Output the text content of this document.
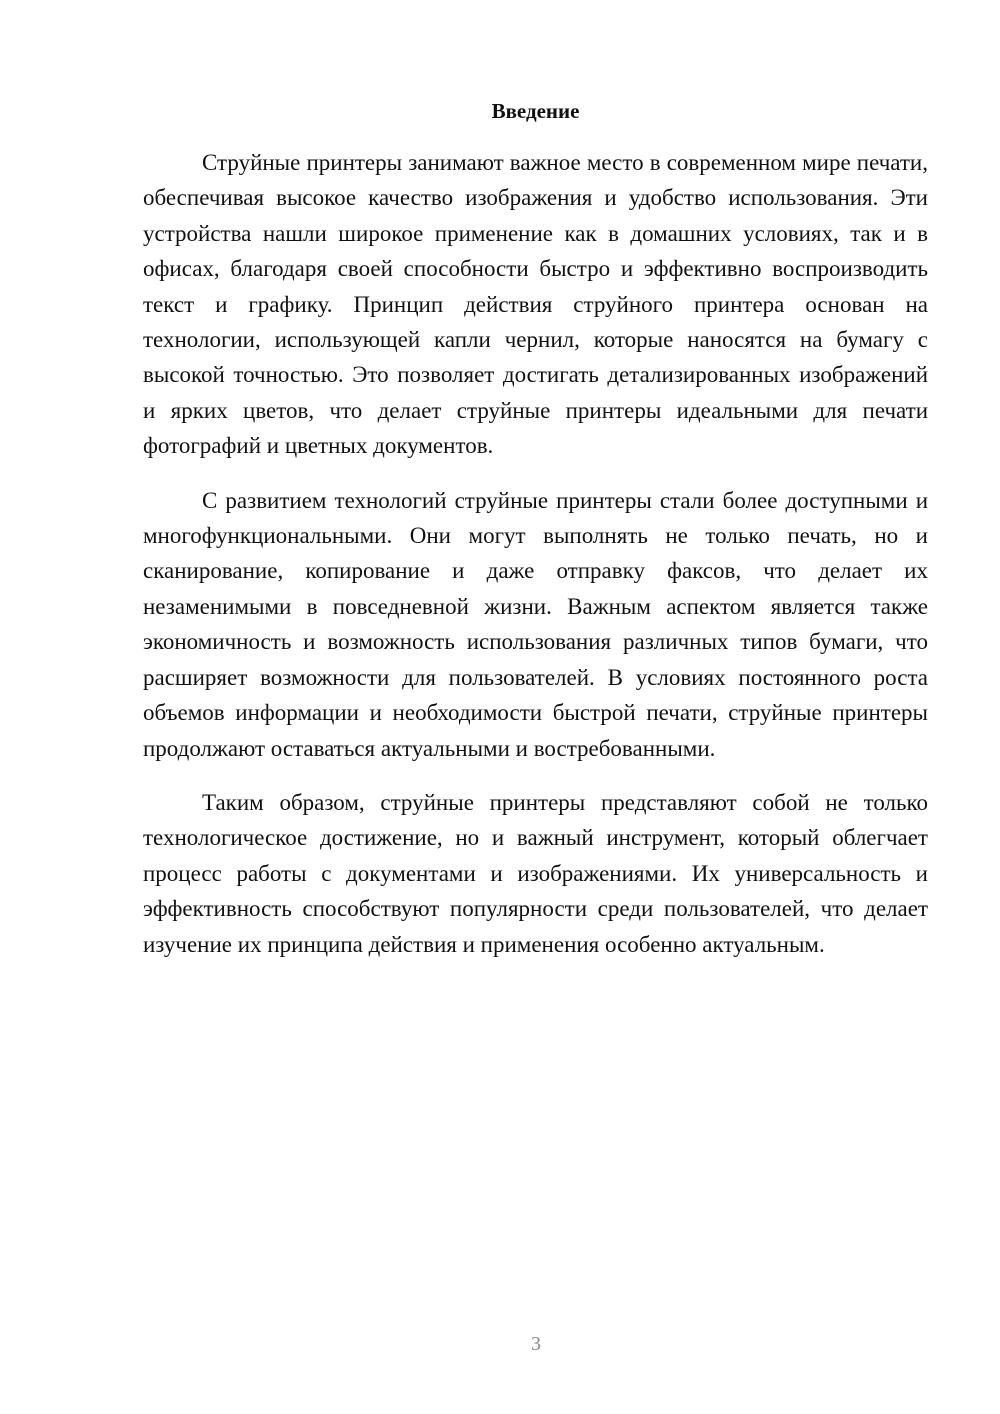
Введение

Струйные принтеры занимают важное место в современном мире печати, обеспечивая высокое качество изображения и удобство использования. Эти устройства нашли широкое применение как в домашних условиях, так и в офисах, благодаря своей способности быстро и эффективно воспроизводить текст и графику. Принцип действия струйного принтера основан на технологии, использующей капли чернил, которые наносятся на бумагу с высокой точностью. Это позволяет достигать детализированных изображений и ярких цветов, что делает струйные принтеры идеальными для печати фотографий и цветных документов.

С развитием технологий струйные принтеры стали более доступными и многофункциональными. Они могут выполнять не только печать, но и сканирование, копирование и даже отправку факсов, что делает их незаменимыми в повседневной жизни. Важным аспектом является также экономичность и возможность использования различных типов бумаги, что расширяет возможности для пользователей. В условиях постоянного роста объемов информации и необходимости быстрой печати, струйные принтеры продолжают оставаться актуальными и востребованными.

Таким образом, струйные принтеры представляют собой не только технологическое достижение, но и важный инструмент, который облегчает процесс работы с документами и изображениями. Их универсальность и эффективность способствуют популярности среди пользователей, что делает изучение их принципа действия и применения особенно актуальным.

3
